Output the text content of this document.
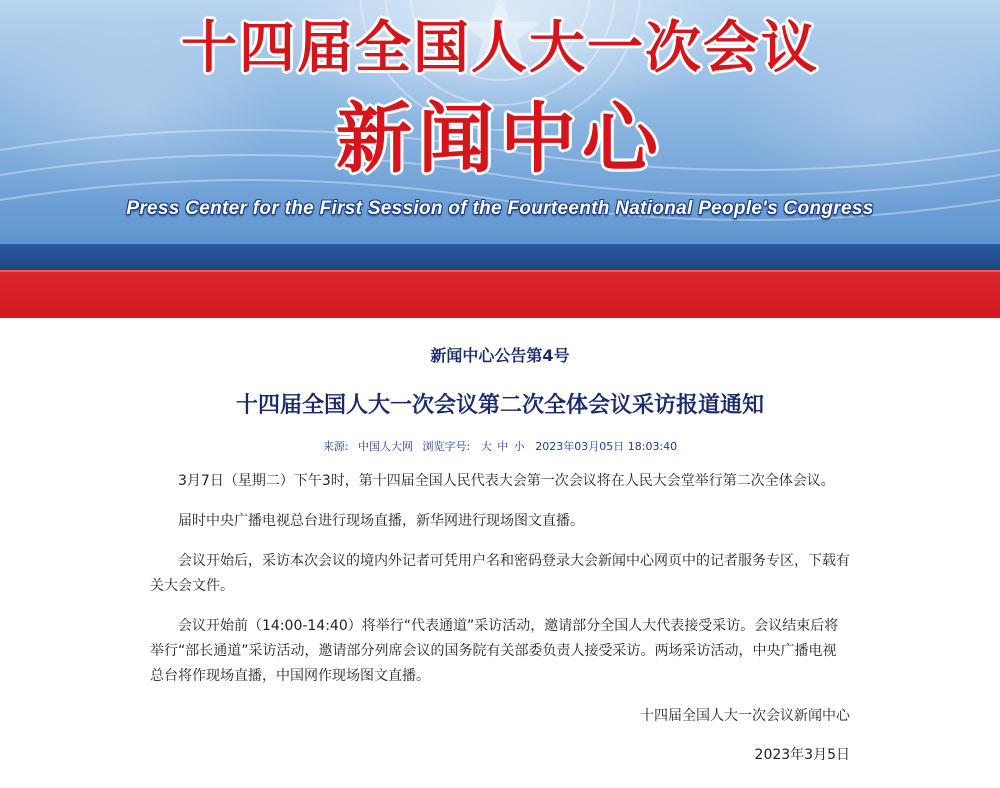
十四届全国人大一次会议
新闻中心
Press Center for the First Session of the Fourteenth National People's Congress
新闻中心公告第4号
十四届全国人大一次会议第二次全体会议采访报道通知
来源: 中国人大网 浏览字号: 大 中 小 2023年03月05日 18:03:40

3月7日（星期二）下午3时，第十四届全国人民代表大会第一次会议将在人民大会堂举行第二次全体会议。

届时中央广播电视总台进行现场直播，新华网进行现场图文直播。

会议开始后，采访本次会议的境内外记者可凭用户名和密码登录大会新闻中心网页中的记者服务专区，下载有关大会文件。

会议开始前（14:00-14:40）将举行“代表通道”采访活动，邀请部分全国人大代表接受采访。会议结束后将举行“部长通道”采访活动，邀请部分列席会议的国务院有关部委负责人接受采访。两场采访活动，中央广播电视总台将作现场直播，中国网作现场图文直播。

十四届全国人大一次会议新闻中心
2023年3月5日
